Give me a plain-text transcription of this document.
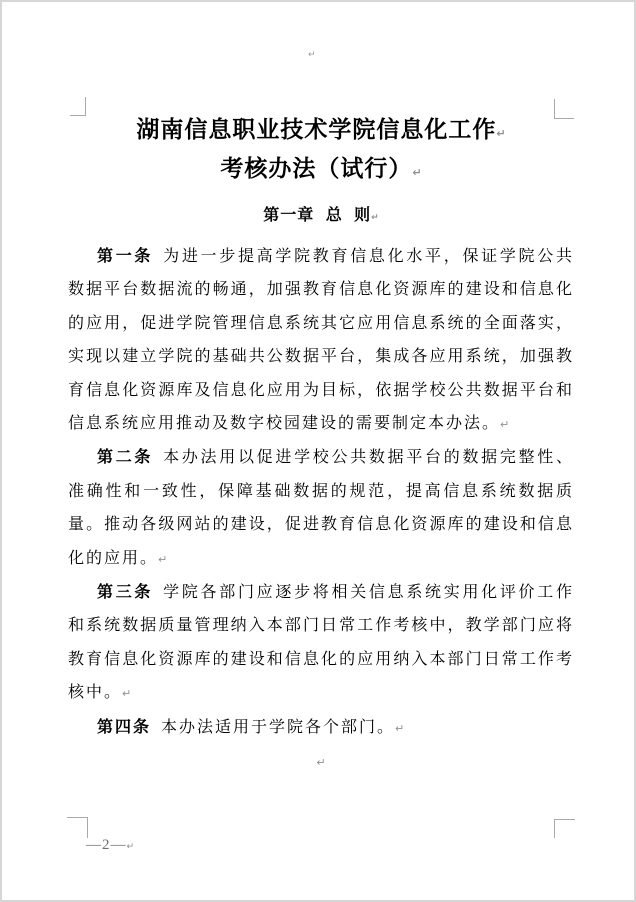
↵
湖南信息职业技术学院信息化工作↵
考核办法（试行）↵
第一章 总 则↵

第一条 为进一步提高学院教育信息化水平，保证学院公共数据平台数据流的畅通，加强教育信息化资源库的建设和信息化的应用，促进学院管理信息系统其它应用信息系统的全面落实，实现以建立学院的基础共公数据平台，集成各应用系统，加强教育信息化资源库及信息化应用为目标，依据学校公共数据平台和信息系统应用推动及数字校园建设的需要制定本办法。↵

第二条 本办法用以促进学校公共数据平台的数据完整性、准确性和一致性，保障基础数据的规范，提高信息系统数据质量。推动各级网站的建设，促进教育信息化资源库的建设和信息化的应用。↵

第三条 学院各部门应逐步将相关信息系统实用化评价工作和系统数据质量管理纳入本部门日常工作考核中，教学部门应将教育信息化资源库的建设和信息化的应用纳入本部门日常工作考核中。↵

第四条 本办法适用于学院各个部门。↵

↵
—2—↵
